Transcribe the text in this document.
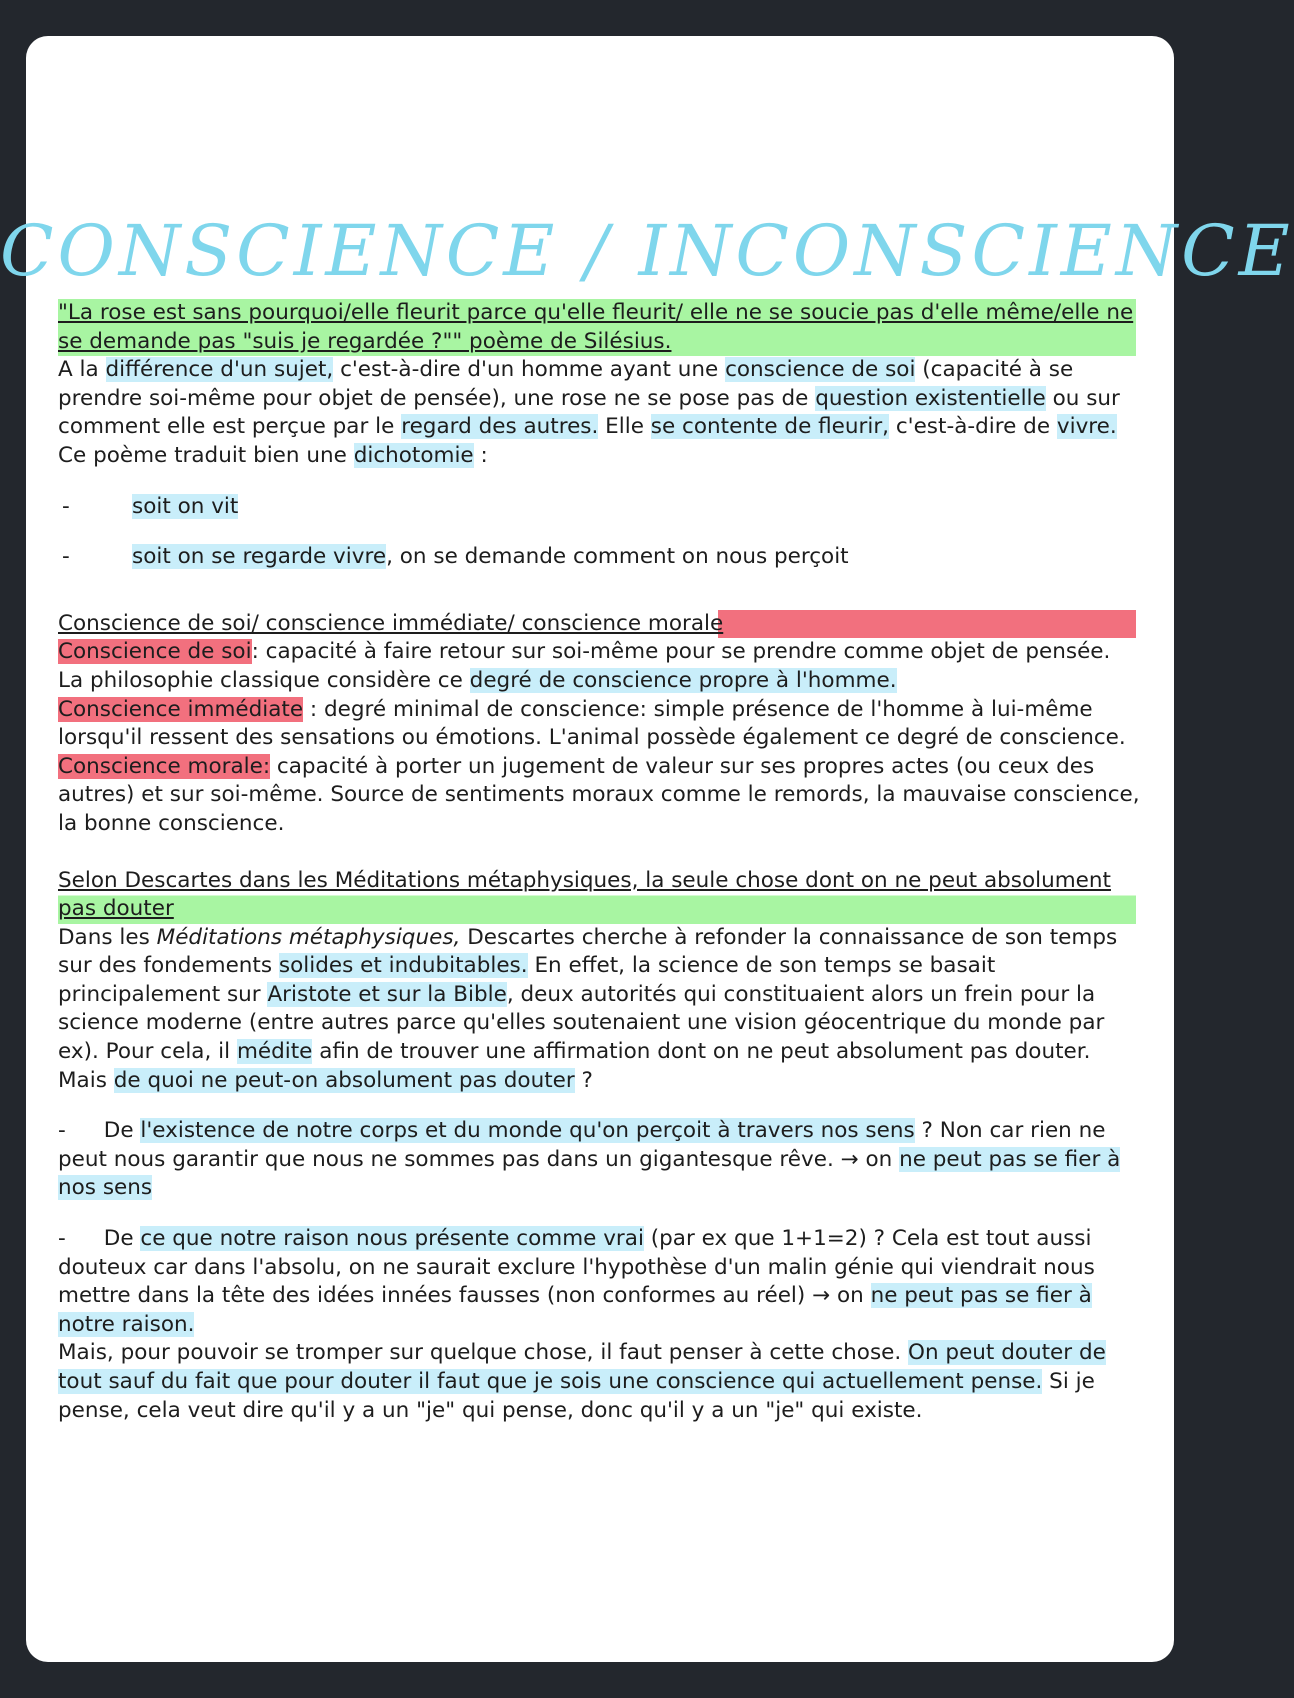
CONSCIENCE / INCONSCIENCE

"La rose est sans pourquoi/elle fleurit parce qu'elle fleurit/ elle ne se soucie pas d'elle même/elle ne se demande pas "suis je regardée ?"" poème de Silésius.

A la différence d'un sujet, c'est-à-dire d'un homme ayant une conscience de soi (capacité à se prendre soi-même pour objet de pensée), une rose ne se pose pas de question existentielle ou sur comment elle est perçue par le regard des autres. Elle se contente de fleurir, c'est-à-dire de vivre.

Ce poème traduit bien une dichotomie :

-	soit on vit

-	soit on se regarde vivre, on se demande comment on nous perçoit

Conscience de soi/ conscience immédiate/ conscience morale

Conscience de soi: capacité à faire retour sur soi-même pour se prendre comme objet de pensée. La philosophie classique considère ce degré de conscience propre à l'homme.

Conscience immédiate : degré minimal de conscience: simple présence de l'homme à lui-même lorsqu'il ressent des sensations ou émotions. L'animal possède également ce degré de conscience.

Conscience morale: capacité à porter un jugement de valeur sur ses propres actes (ou ceux des autres) et sur soi-même. Source de sentiments moraux comme le remords, la mauvaise conscience, la bonne conscience.

Selon Descartes dans les Méditations métaphysiques, la seule chose dont on ne peut absolument pas douter

Dans les Méditations métaphysiques, Descartes cherche à refonder la connaissance de son temps sur des fondements solides et indubitables. En effet, la science de son temps se basait principalement sur Aristote et sur la Bible, deux autorités qui constituaient alors un frein pour la science moderne (entre autres parce qu'elles soutenaient une vision géocentrique du monde par ex). Pour cela, il médite afin de trouver une affirmation dont on ne peut absolument pas douter.

Mais de quoi ne peut-on absolument pas douter ?

- De l'existence de notre corps et du monde qu'on perçoit à travers nos sens ? Non car rien ne peut nous garantir que nous ne sommes pas dans un gigantesque rêve. → on ne peut pas se fier à nos sens

- De ce que notre raison nous présente comme vrai (par ex que 1+1=2) ? Cela est tout aussi douteux car dans l'absolu, on ne saurait exclure l'hypothèse d'un malin génie qui viendrait nous mettre dans la tête des idées innées fausses (non conformes au réel) → on ne peut pas se fier à notre raison.

Mais, pour pouvoir se tromper sur quelque chose, il faut penser à cette chose. On peut douter de tout sauf du fait que pour douter il faut que je sois une conscience qui actuellement pense. Si je pense, cela veut dire qu'il y a un "je" qui pense, donc qu'il y a un "je" qui existe.
